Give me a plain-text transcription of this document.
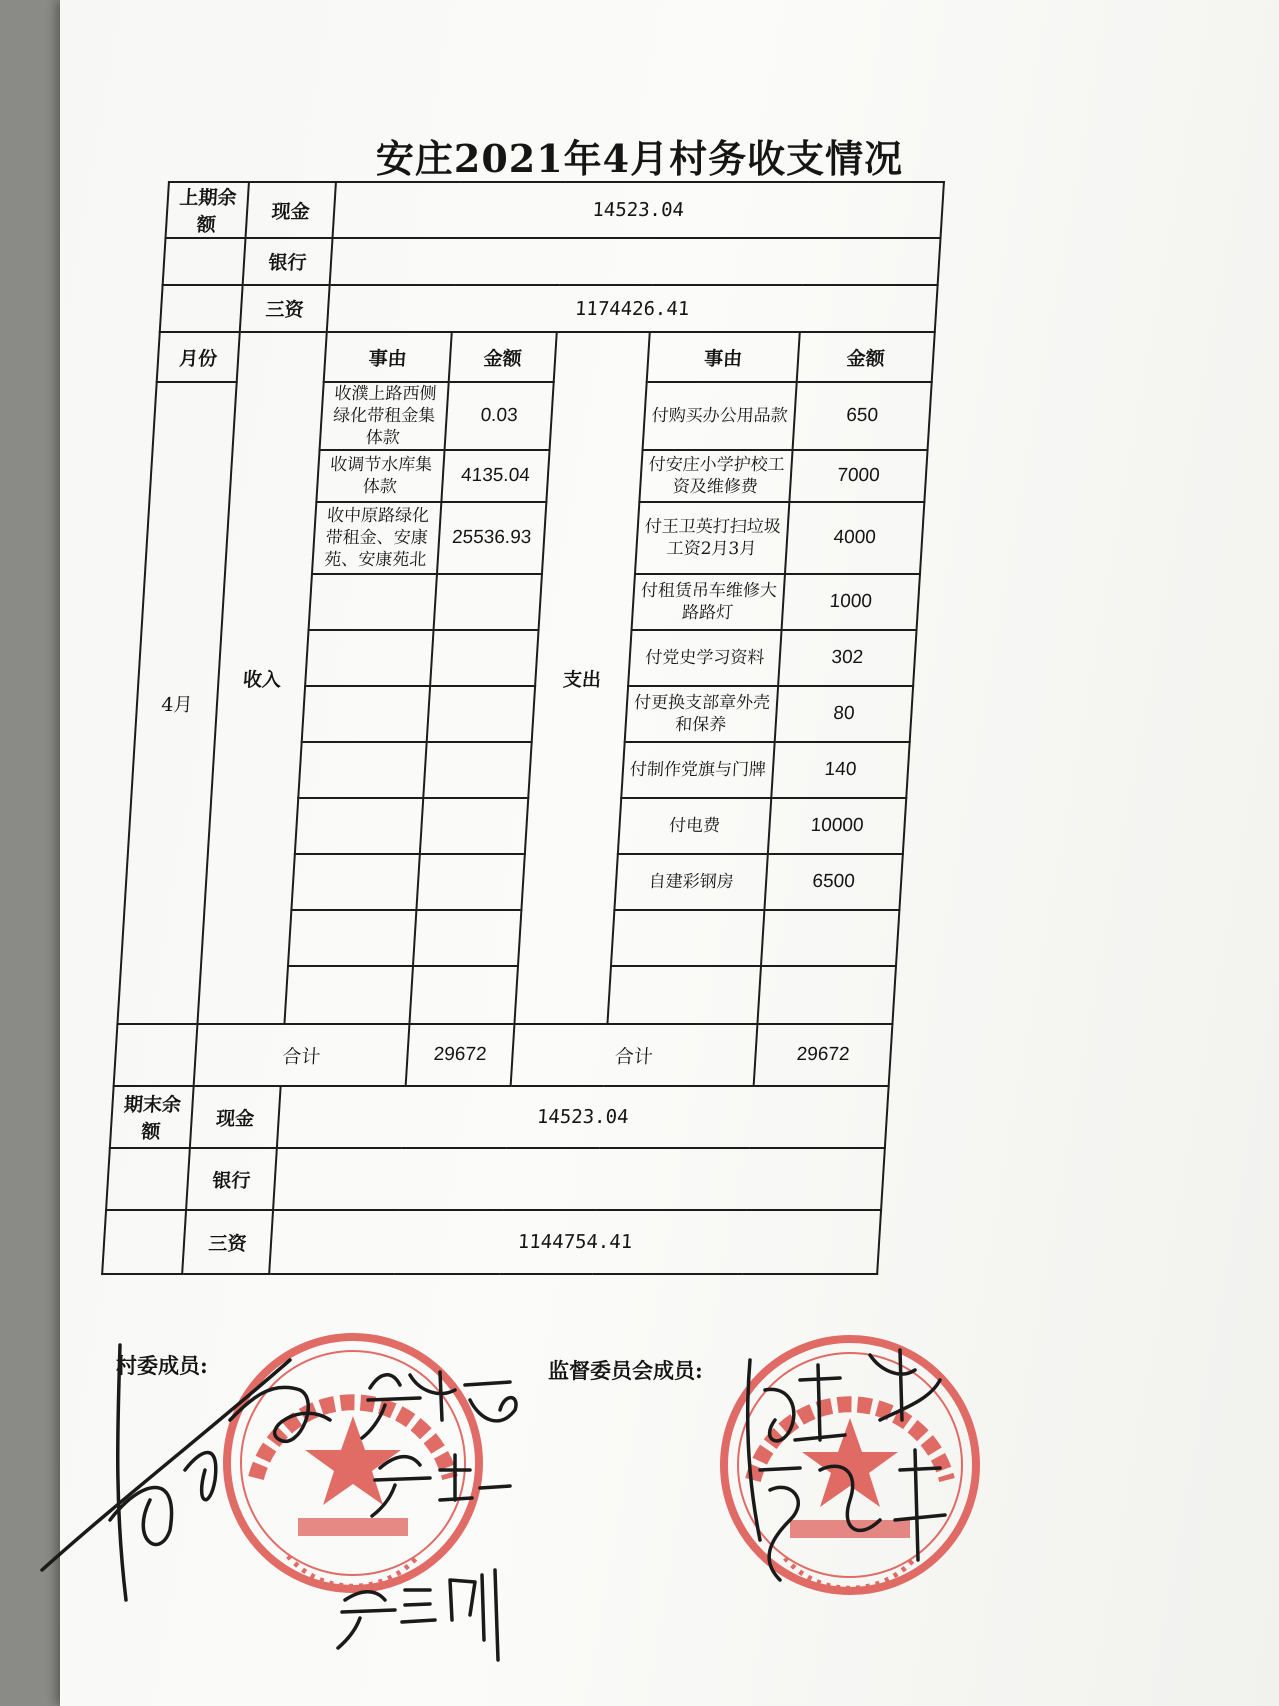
安庄2021年4月村务收支情况
上期余额	现金	14523.04				
	银行					
	三资	1174426.41				
月份	收入	事由	金额	支出	事由	金额
4月		收濮上路西侧绿化带租金集体款	0.03		付购买办公用品款	650
		收调节水库集体款	4135.04		付安庄小学护校工资及维修费	7000
		收中原路绿化带租金、安康苑、安康苑北	25536.93		付王卫英打扫垃圾工资2月3月	4000
					付租赁吊车维修大路路灯	1000
					付党史学习资料	302
					付更换支部章外壳和保养	80
					付制作党旗与门牌	140
					付电费	10000
					自建彩钢房	6500

	合计		29672	合计		29672
期末余额	现金	14523.04				
	银行					
	三资	1144754.41				
村委成员:	监督委员会成员:
